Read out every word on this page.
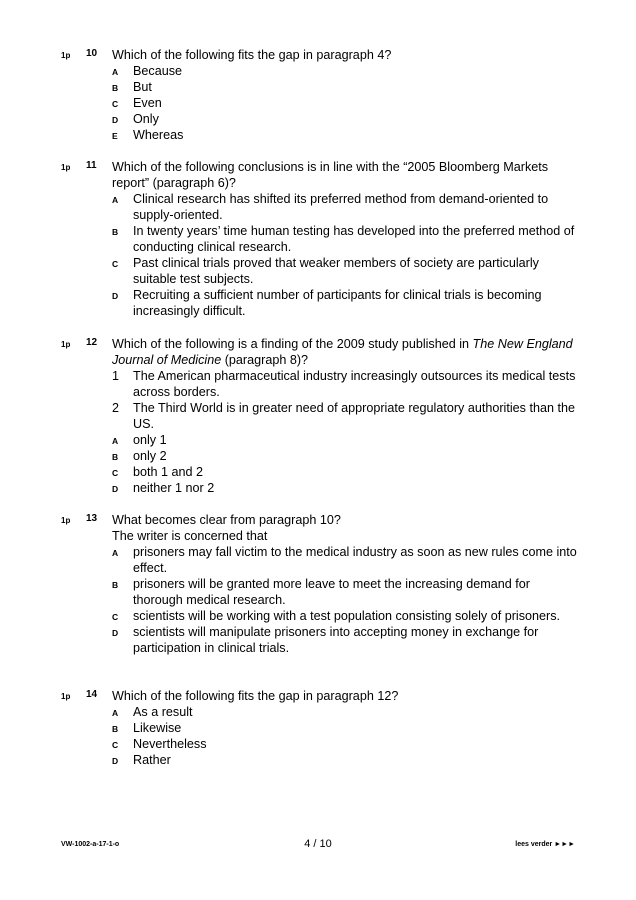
1p 10 Which of the following fits the gap in paragraph 4?
A Because
B But
C Even
D Only
E Whereas
1p 11 Which of the following conclusions is in line with the “2005 Bloomberg Markets report” (paragraph 6)?
A Clinical research has shifted its preferred method from demand-oriented to supply-oriented.
B In twenty years’ time human testing has developed into the preferred method of conducting clinical research.
C Past clinical trials proved that weaker members of society are particularly suitable test subjects.
D Recruiting a sufficient number of participants for clinical trials is becoming increasingly difficult.
1p 12 Which of the following is a finding of the 2009 study published in The New England Journal of Medicine (paragraph 8)?
1 The American pharmaceutical industry increasingly outsources its medical tests across borders.
2 The Third World is in greater need of appropriate regulatory authorities than the US.
A only 1
B only 2
C both 1 and 2
D neither 1 nor 2
1p 13 What becomes clear from paragraph 10?
The writer is concerned that
A prisoners may fall victim to the medical industry as soon as new rules come into effect.
B prisoners will be granted more leave to meet the increasing demand for thorough medical research.
C scientists will be working with a test population consisting solely of prisoners.
D scientists will manipulate prisoners into accepting money in exchange for participation in clinical trials.
1p 14 Which of the following fits the gap in paragraph 12?
A As a result
B Likewise
C Nevertheless
D Rather
VW-1002-a-17-1-o	4 / 10	lees verder ►►►
